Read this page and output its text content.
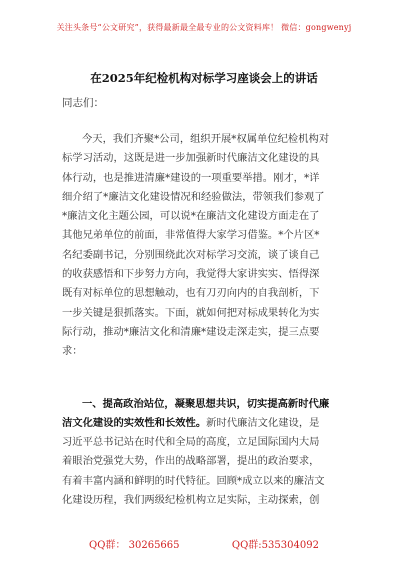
关注头条号“公文研究”，获得最新最全最专业的公文资料库！ 微信：gongwenyj
在2025年纪检机构对标学习座谈会上的讲话
同志们：
今天，我们齐聚*公司，组织开展*权属单位纪检机构对
标学习活动，这既是进一步加强新时代廉洁文化建设的具
体行动，也是推进清廉*建设的一项重要举措。刚才，*详
细介绍了*廉洁文化建设情况和经验做法，带领我们参观了
*廉洁文化主题公园，可以说*在廉洁文化建设方面走在了
其他兄弟单位的前面，非常值得大家学习借鉴。*个片区*
名纪委副书记，分别围绕此次对标学习交流，谈了谈自己
的收获感悟和下步努力方向，我觉得大家讲实实、悟得深
既有对标单位的思想触动，也有刀刃向内的自我剖析，下
一步关键是狠抓落实。下面，就如何把对标成果转化为实
际行动，推动*廉洁文化和清廉*建设走深走实，提三点要
求：
一、提高政治站位，凝聚思想共识，切实提高新时代廉
洁文化建设的实效性和长效性。新时代廉洁文化建设，是
习近平总书记站在时代和全局的高度，立足国际国内大局
着眼治党强党大势，作出的战略部署，提出的政治要求，
有着丰富内涵和鲜明的时代特征。回顾*成立以来的廉洁文
化建设历程，我们两级纪检机构立足实际，主动探索，创
QQ群： 30265665	QQ群:535304092
